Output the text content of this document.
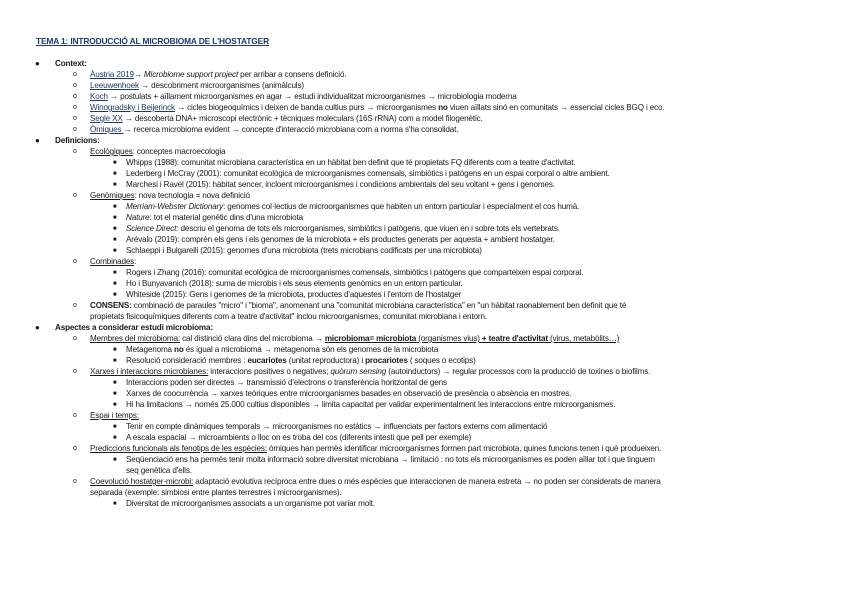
TEMA 1: INTRODUCCIÓ AL MICROBIOMA DE L'HOSTATGER
● Context:
o Àustria 2019→ Microbiome support project per arribar a consens definició.
o Leeuwenhoek → descobriment microorganismes (animàlculs)
o Koch → postulats + aïllament microorganismes en agar → estudi individualitzat microorganismes → microbiologia moderna
o Winogradsky i Beijerinck → cicles biogeoquímics i deixen de banda cultius purs → microorganismes no viuen aïllats sinó en comunitats → essencial cicles BGQ i eco.
o Segle XX → descoberta DNA+ microscopi electrònic + tècniques moleculars (16S rRNA) com a model filogenètic.
o Òmiques → recerca microbioma evident → concepte d'interacció microbiana com a norma s'ha consolidat.
● Definicions:
o Ecològiques: conceptes macroecologia
■ Whipps (1988): comunitat microbiana característica en un hàbitat ben definit que té propietats FQ diferents com a teatre d'activitat.
■ Lederberg i McCray (2001): comunitat ecològica de microorganismes comensals, simbiòtics i patògens en un espai corporal o altre ambient.
■ Marchesi i Ravel (2015): hàbitat sencer, incloent microorganismes i condicions ambientals del seu voltant + gens i genomes.
o Genòmiques: nova tecnologia = nova definició
■ Merriam-Webster Dictionary: genomes col·lectius de microorganismes que habiten un entorn particular i especialment el cos humà.
■ Nature: tot el material genètic dins d'una microbiota
■ Science Direct: descriu el genoma de tots els microorganismes, simbiòtics i patògens, que viuen en i sobre tots els vertebrats.
■ Arévalo (2019): comprèn els gens i els genomes de la microbiota + els productes generats per aquesta + ambient hostatger.
■ Schlaeppi i Bulgarelli (2015): genomes d'una microbiota (trets microbians codificats per una microbiota)
o Combinades:
■ Rogers i Zhang (2016): comunitat ecològica de microorganismes comensals, simbiòtics i patògens que comparteixen espai corporal.
■ Ho i Bunyavanich (2018): suma de microbis i els seus elements genòmics en un entorn particular.
■ Whiteside (2015): Gens i genomes de la microbiota, productes d'aquestes i l'entorn de l'hostatger
o CONSENS: combinació de paraules "micro" i "bioma", anomenant una "comunitat microbiana característica" en "un hàbitat raonablement ben definit que té
propietats fisicoquímiques diferents com a teatre d'activitat" inclou microorganismes, comunitat microbiana i entorn.
● Aspectes a considerar estudi microbioma:
o Membres del microbioma: cal distinció clara dins del microbioma → microbioma= microbiota (organismes vius) + teatre d'activitat (virus, metabòlits…)
■ Metagenoma no és igual a microbioma → metagenoma són els genomes de la microbiota
■ Resolució consideració membres : eucariotes (unitat reproductora) i procariotes ( soques o ecotips)
o Xarxes i interaccions microbianes: interaccions positives o negatives; quòrum sensing (autoinductors) → regular processos com la producció de toxines o biofilms.
■ Interaccions poden ser directes → transmissió d'electrons o transferència horitzontal de gens
■ Xarxes de coocurrència → xarxes teòriques entre microorganismes basades en observació de presència o absència en mostres.
■ Hi ha limitacions → només 25.000 cultius disponibles → limita capacitat per validar experimentalment les interaccions entre microorganismes.
o Espai i temps:
■ Tenir en compte dinàmiques temporals → microorganismes no estàtics → influenciats per factors externs com alimentació
■ A escala espacial → microambients o lloc on es troba del cos (diferents intesti que pell per exemple)
o Prediccions funcionals als fenotips de les espècies: òmiques han permès identificar microorganismes formen part microbiota, quines funcions tenen i què produeixen.
■ Seqüenciació ens ha permès tenir molta informació sobre diversitat microbiana → limitació : no tots els microorganismes es poden aïllar tot i que tinguem
seq genètica d'ells.
o Coevolució hostatger-microbi: adaptació evolutiva recíproca entre dues o més espècies que interaccionen de manera estreta → no poden ser considerats de manera
separada (exemple: simbiosi entre plantes terrestres i microorganismes).
■ Diversitat de microorganismes associats a un organisme pot variar molt.
